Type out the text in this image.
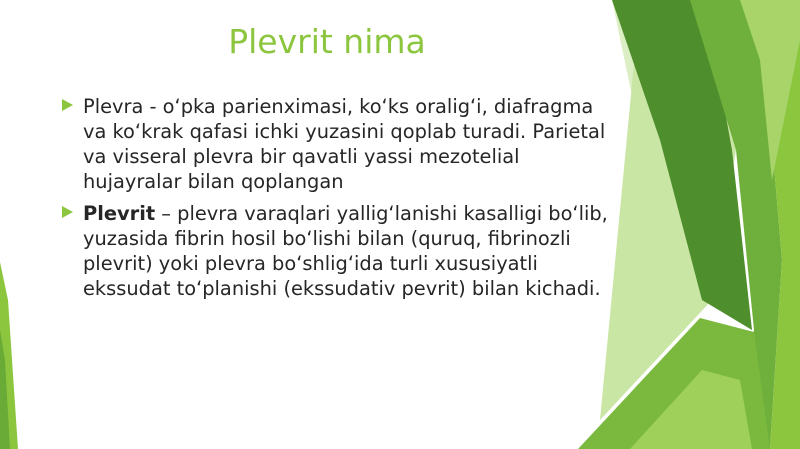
Plevrit nima
Plevra - o‘pka parienximasi, ko‘ks oralig‘i, diafragma va ko‘krak qafasi ichki yuzasini qoplab turadi. Parietal va visseral plevra bir qavatli yassi mezotelial hujayralar bilan qoplangan
Plevrit – plevra varaqlari yallig‘lanishi kasalligi bo‘lib, yuzasida fibrin hosil bo‘lishi bilan (quruq, fibrinozli plevrit) yoki plevra bo‘shlig‘ida turli xususiyatli ekssudat to‘planishi (ekssudativ pevrit) bilan kichadi.
